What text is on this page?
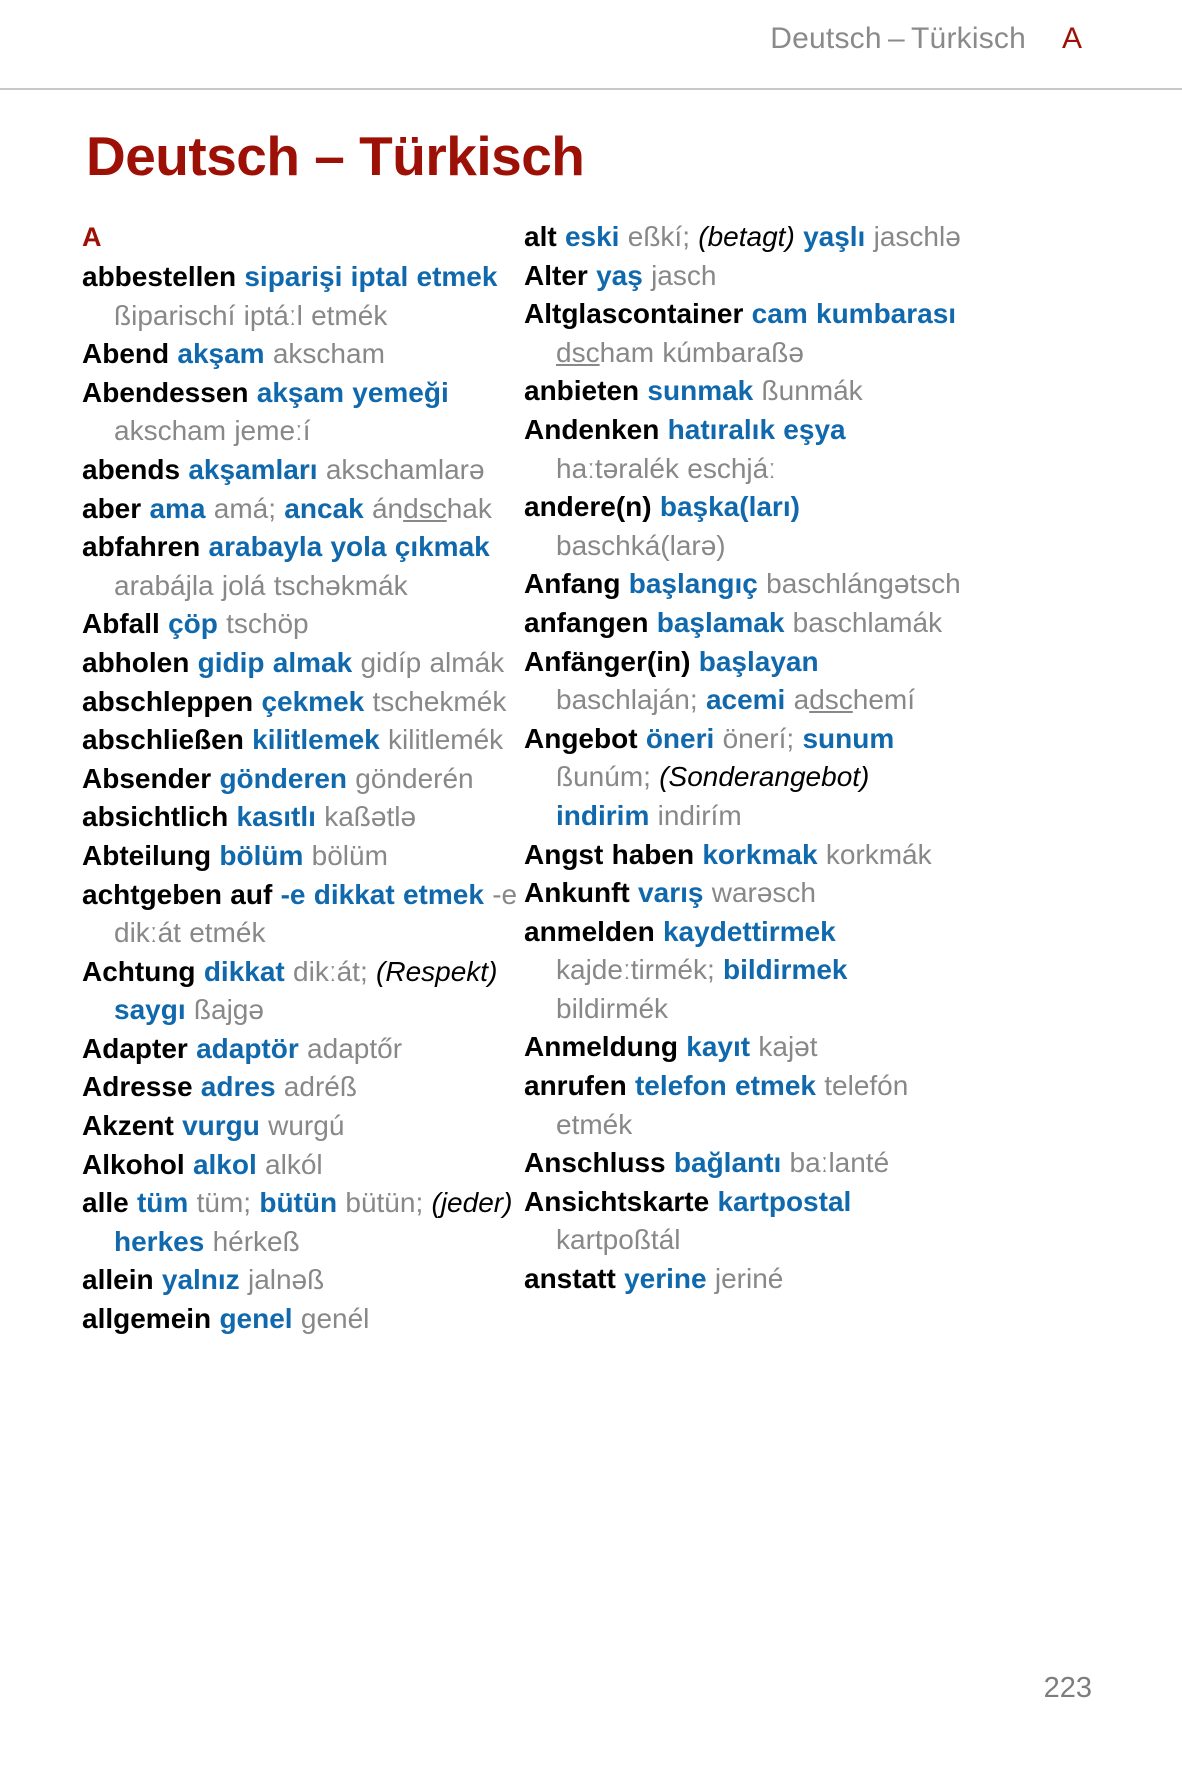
Deutsch – Türkisch A
Deutsch – Türkisch
A

abbestellen siparişi iptal etmek ßiparischí iptáːl etmék

Abend akşam akscham

Abendessen akşam yemeği akscham jemeːí

abends akşamları akschamlarə

aber ama amá; ancak ándschak

abfahren arabayla yola çıkmak arabájla jolá tschəkmák

Abfall çöp tschöp

abholen gidip almak gidíp almák

abschleppen çekmek tschekmék

abschließen kilitlemek kilitlemék

Absender gönderen gönderén

absichtlich kasıtlı kaßətlə

Abteilung bölüm bölüm

achtgeben auf -e dikkat etmek -e dikːát etmék

Achtung dikkat dikːát; (Respekt) saygı ßajgə

Adapter adaptör adaptőr

Adresse adres adréß

Akzent vurgu wurgú

Alkohol alkol alkól

alle tüm tüm; bütün bütün; (jeder) herkes hérkeß

allein yalnız jalnəß

allgemein genel genél

alt eski eßkí; (betagt) yaşlı jaschlə

Alter yaş jasch

Altglascontainer cam kumbarası dscham kúmbaraßə

anbieten sunmak ßunmák

Andenken hatıralık eşya haːtəralék eschjáː

andere(n) başka(ları) baschká(larə)

Anfang başlangıç baschlángətsch

anfangen başlamak baschlamák

Anfänger(in) başlayan baschlaján; acemi adschemí

Angebot öneri önerí; sunum ßunúm; (Sonderangebot) indirim indirím

Angst haben korkmak korkmák

Ankunft varış warəsch

anmelden kaydettirmek kajdeːtirmék; bildirmek bildirmék

Anmeldung kayıt kajət

anrufen telefon etmek telefón etmék

Anschluss bağlantı baːlanté

Ansichtskarte kartpostal kartpoßtál

anstatt yerine jeriné

223
